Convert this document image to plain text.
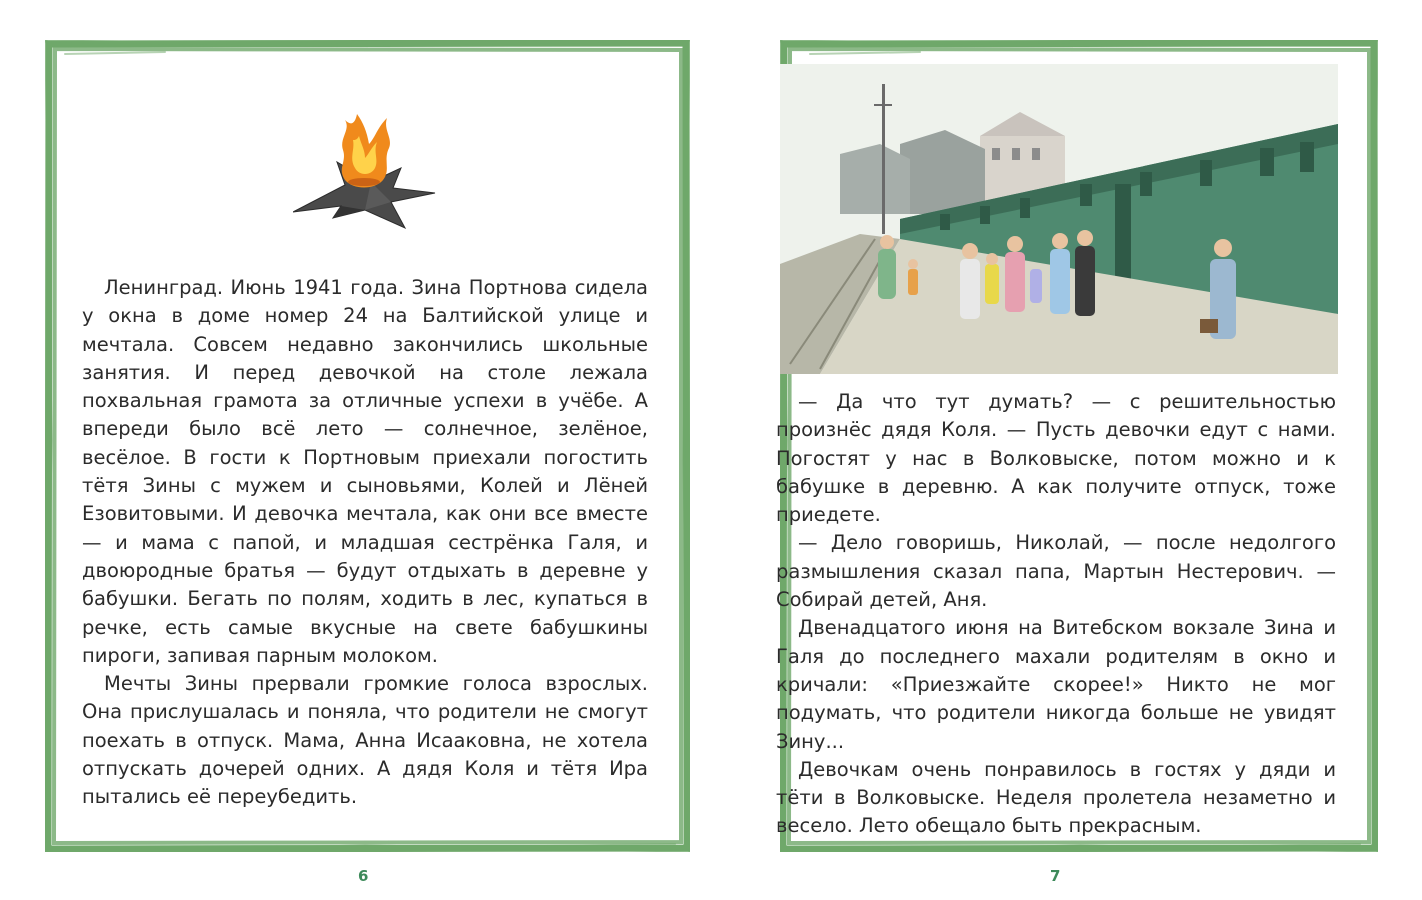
Ленинград. Июнь 1941 года. Зина Портнова сидела у окна в доме номер 24 на Балтийской улице и мечтала. Совсем недавно закончились школьные занятия. И перед девочкой на столе лежала похвальная грамота за отличные успехи в учёбе. А впереди было всё лето — солнечное, зелёное, весёлое. В гости к Портновым приехали погостить тётя Зины с мужем и сыновьями, Колей и Лёней Езовитовыми. И девочка мечтала, как они все вместе — и мама с папой, и младшая сестрёнка Галя, и двоюродные братья — будут отдыхать в деревне у бабушки. Бегать по полям, ходить в лес, купаться в речке, есть самые вкусные на свете бабушкины пироги, запивая парным молоком.

Мечты Зины прервали громкие голоса взрослых. Она прислушалась и поняла, что родители не смогут поехать в отпуск. Мама, Анна Исааковна, не хотела отпускать дочерей одних. А дядя Коля и тётя Ира пытались её переубедить.

— Да что тут думать? — с решительностью произнёс дядя Коля. — Пусть девочки едут с нами. Погостят у нас в Волковыске, потом можно и к бабушке в деревню. А как получите отпуск, тоже приедете.

— Дело говоришь, Николай, — после недолгого размышления сказал папа, Мартын Нестерович. — Собирай детей, Аня.

Двенадцатого июня на Витебском вокзале Зина и Галя до последнего махали родителям в окно и кричали: «Приезжайте скорее!» Никто не мог подумать, что родители никогда больше не увидят Зину...

Девочкам очень понравилось в гостях у дяди и тёти в Волковыске. Неделя пролетела незаметно и весело. Лето обещало быть прекрасным.

6	7
